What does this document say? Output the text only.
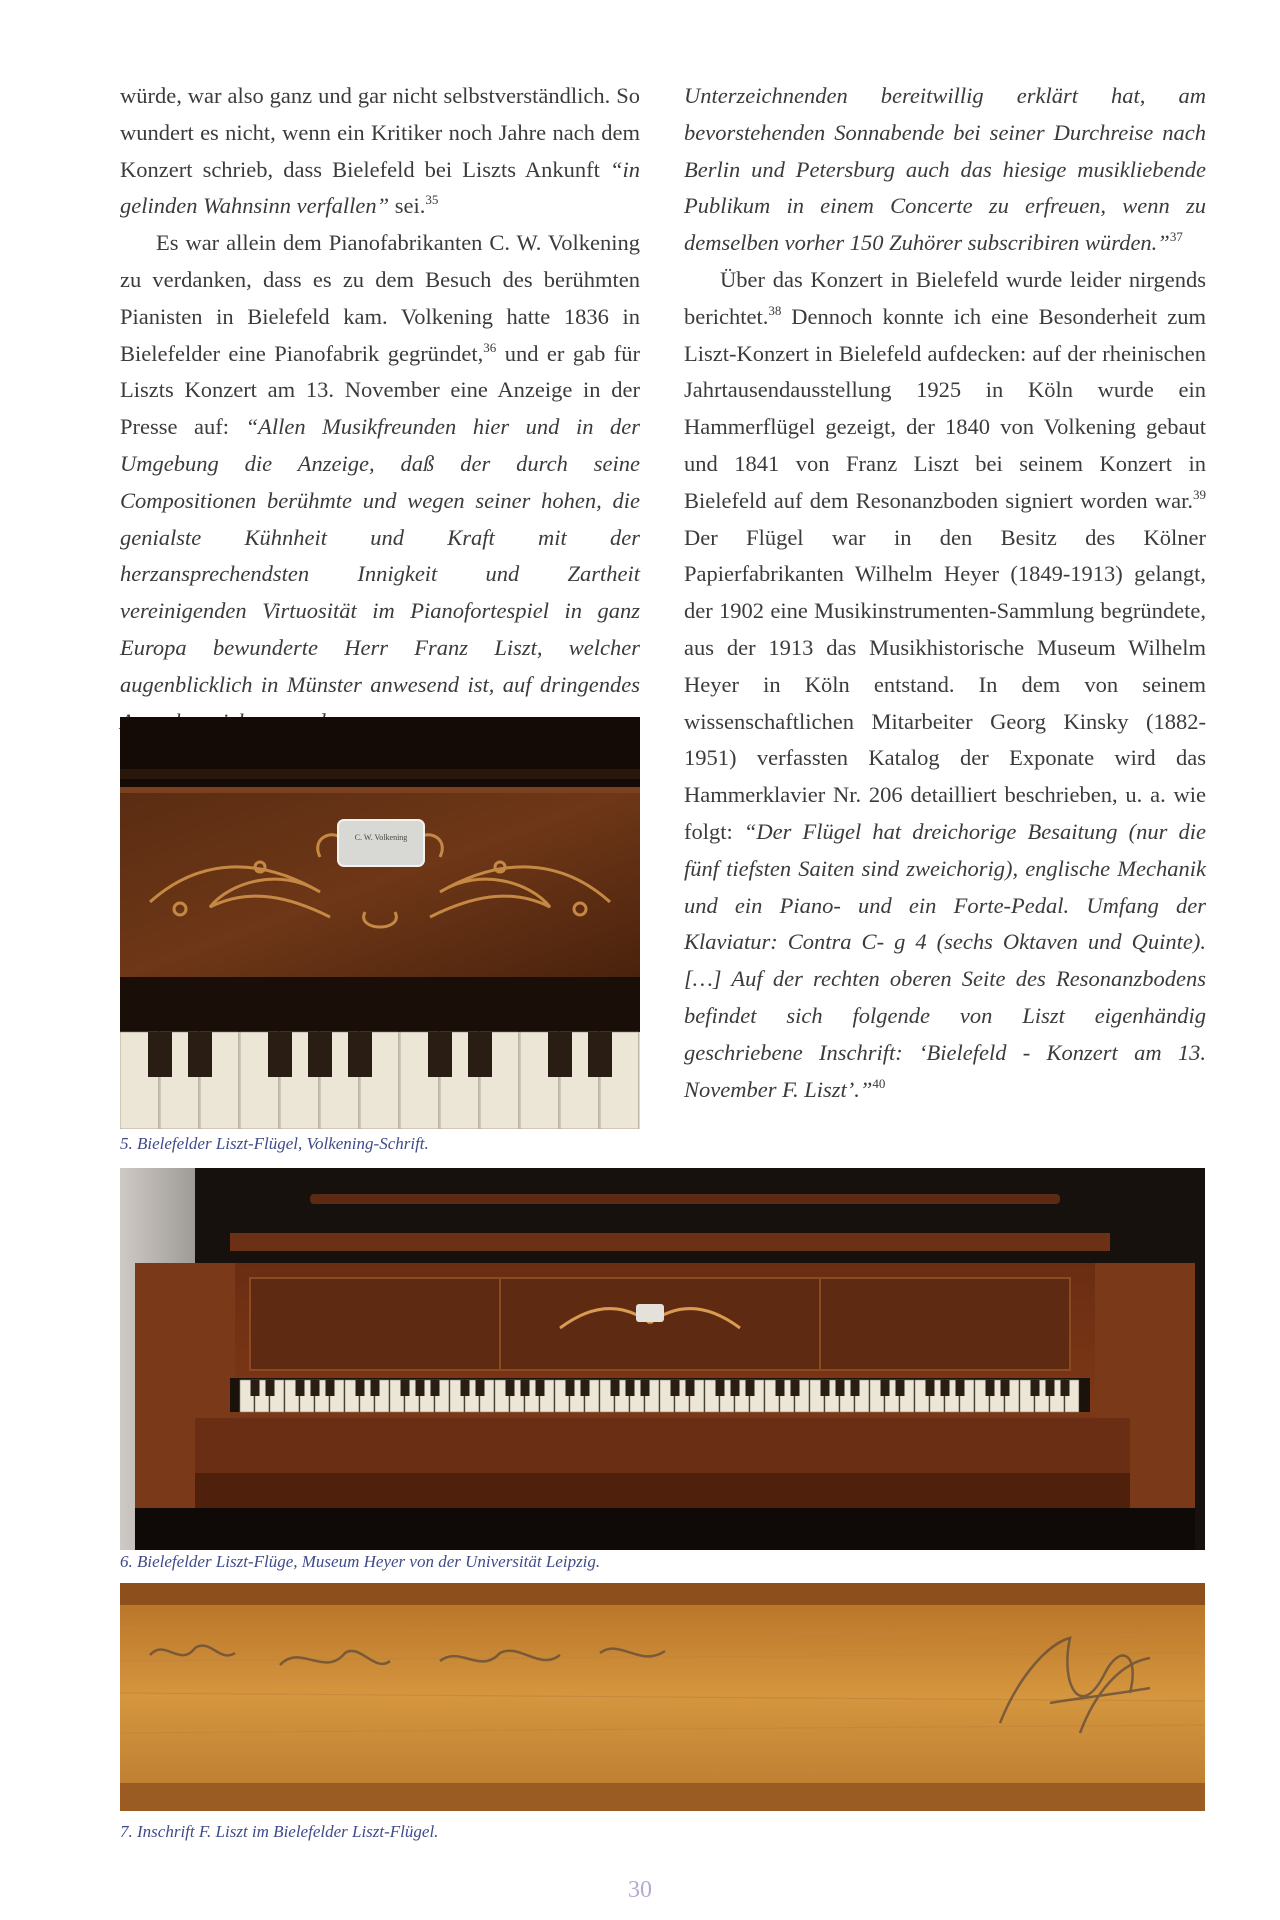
würde, war also ganz und gar nicht selbstverständlich. So wundert es nicht, wenn ein Kritiker noch Jahre nach dem Konzert schrieb, dass Bielefeld bei Liszts Ankunft “in gelinden Wahnsinn verfallen” sei.$^{35}$

Es war allein dem Pianofabrikanten C. W. Volkening zu verdanken, dass es zu dem Besuch des berühmten Pianisten in Bielefeld kam. Volkening hatte 1836 in Bielefelder eine Pianofabrik gegründet,$^{36}$ und er gab für Liszts Konzert am 13. November eine Anzeige in der Presse auf: “Allen Musikfreunden hier und in der Umgebung die Anzeige, daß der durch seine Compositionen berühmte und wegen seiner hohen, die genialste Kühnheit und Kraft mit der herzansprechendsten Innigkeit und Zartheit vereinigenden Virtuosität im Pianofortespiel in ganz Europa bewunderte Herr Franz Liszt, welcher augenblicklich in Münster anwesend ist, auf dringendes

Unterzeichnenden bereitwillig erklärt hat, am bevorstehenden Sonnabende bei seiner Durchreise nach Berlin und Petersburg auch das hiesige musikliebende Publikum in einem Concerte zu erfreuen, wenn zu demselben vorher 150 Zuhörer subscribiren würden.”$^{37}$

Über das Konzert in Bielefeld wurde leider nirgends berichtet.$^{38}$ Dennoch konnte ich eine Besonderheit zum Liszt-Konzert in Bielefeld aufdecken: auf der rheinischen Jahrtausendausstellung 1925 in Köln wurde ein Hammerflügel gezeigt, der 1840 von Volkening gebaut und 1841 von Franz Liszt bei seinem Konzert in Bielefeld auf dem Resonanzboden signiert worden war.$^{39}$ Der Flügel war in den Besitz des Kölner Papierfabrikanten Wilhelm Heyer (1849-1913) gelangt, der 1902 eine Musikinstrumenten-Sammlung begründete, aus der 1913 das Musikhistorische Museum Wilhelm Heyer in Köln entstand. In dem von seinem wissenschaftlichen Mitarbeiter Georg Kinsky (1882-1951) verfassten Katalog der Exponate wird das Hammerklavier Nr. 206 detailliert beschrieben, u. a. wie folgt: “Der Flügel hat dreichorige Besaitung (nur die fünf tiefsten Saiten sind zweichorig), englische Mechanik und ein Piano- und ein Forte-Pedal. Umfang der Klaviatur: Contra C- g 4 (sechs Oktaven und Quinte). […] Auf der rechten oberen Seite des Resonanzbodens befindet sich folgende von Liszt eigenhändig geschriebene Inschrift: ‘Bielefeld - Konzert am 13. November F. Liszt’.”$^{40}$

C. W. Volkening
5. Bielefelder Liszt-Flügel, Volkening-Schrift.
6. Bielefelder Liszt-Flüge, Museum Heyer von der Universität Leipzig.
7. Inschrift F. Liszt im Bielefelder Liszt-Flügel.
30
